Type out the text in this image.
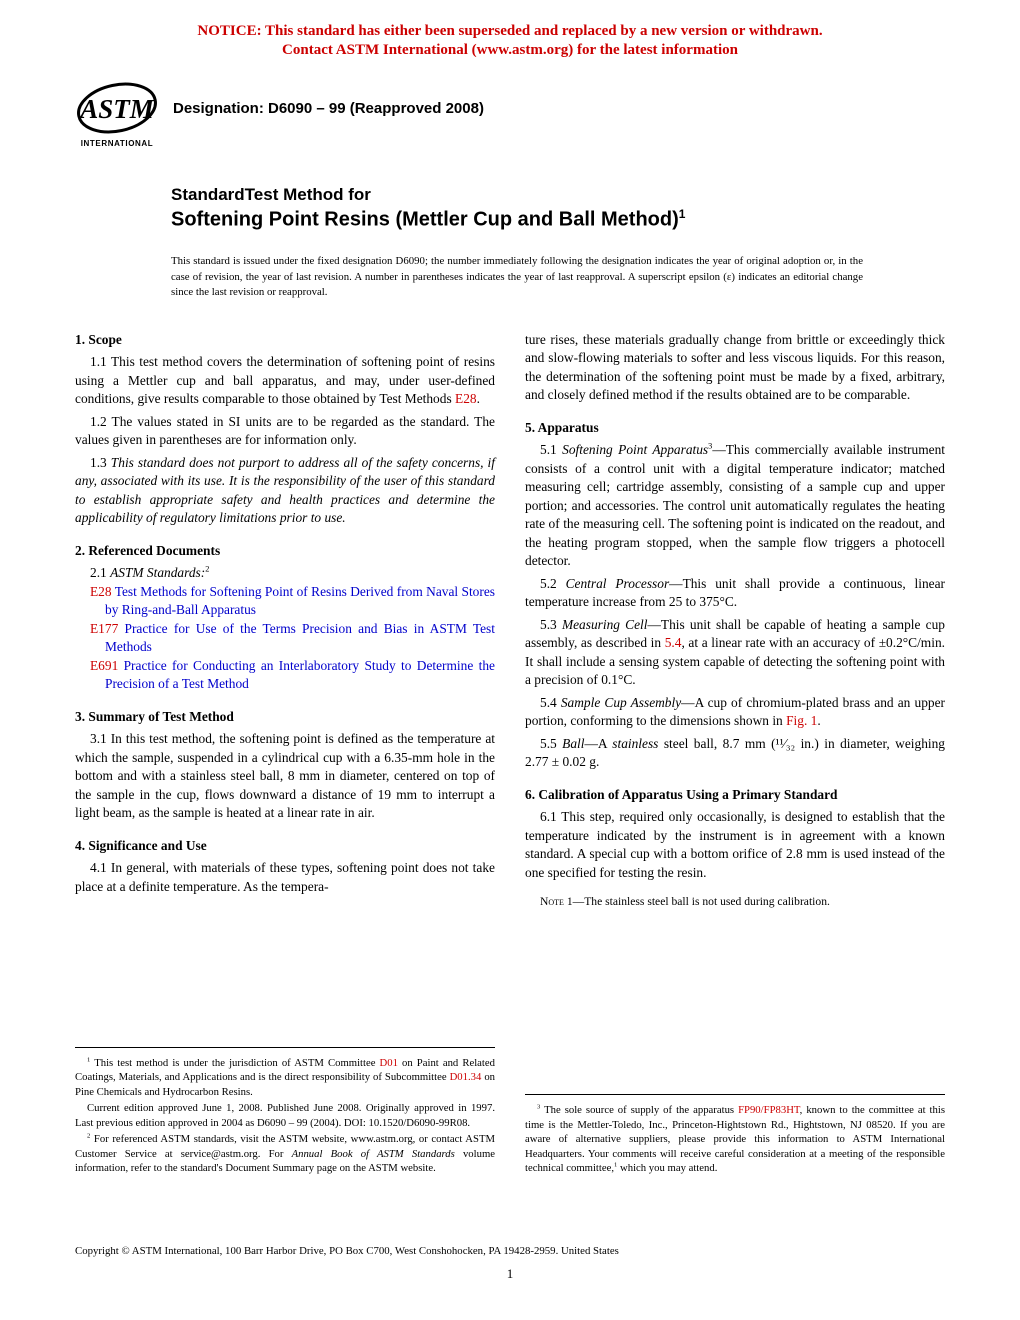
NOTICE: This standard has either been superseded and replaced by a new version or withdrawn.
Contact ASTM International (www.astm.org) for the latest information
ASTM
INTERNATIONAL
Designation: D6090 – 99 (Reapproved 2008)
StandardTest Method for
Softening Point Resins (Mettler Cup and Ball Method)$^1$

This standard is issued under the fixed designation D6090; the number immediately following the designation indicates the year of original adoption or, in the case of revision, the year of last revision. A number in parentheses indicates the year of last reapproval. A superscript epsilon (ε) indicates an editorial change since the last revision or reapproval.

1. Scope
1.1 This test method covers the determination of softening point of resins using a Mettler cup and ball apparatus, and may, under user-defined conditions, give results comparable to those obtained by Test Methods E28.
1.2 The values stated in SI units are to be regarded as the standard. The values given in parentheses are for information only.
1.3 This standard does not purport to address all of the safety concerns, if any, associated with its use. It is the responsibility of the user of this standard to establish appropriate safety and health practices and determine the applicability of regulatory limitations prior to use.
2. Referenced Documents
2.1 ASTM Standards:$^2$
E28 Test Methods for Softening Point of Resins Derived from Naval Stores by Ring-and-Ball Apparatus
E177 Practice for Use of the Terms Precision and Bias in ASTM Test Methods
E691 Practice for Conducting an Interlaboratory Study to Determine the Precision of a Test Method
3. Summary of Test Method
3.1 In this test method, the softening point is defined as the temperature at which the sample, suspended in a cylindrical cup with a 6.35-mm hole in the bottom and with a stainless steel ball, 8 mm in diameter, centered on top of the sample in the cup, flows downward a distance of 19 mm to interrupt a light beam, as the sample is heated at a linear rate in air.
4. Significance and Use
4.1 In general, with materials of these types, softening point does not take place at a definite temperature. As the tempera-
$^1$ This test method is under the jurisdiction of ASTM Committee D01 on Paint and Related Coatings, Materials, and Applications and is the direct responsibility of Subcommittee D01.34 on Pine Chemicals and Hydrocarbon Resins.
Current edition approved June 1, 2008. Published June 2008. Originally approved in 1997. Last previous edition approved in 2004 as D6090 – 99 (2004). DOI: 10.1520/D6090-99R08.
$^2$ For referenced ASTM standards, visit the ASTM website, www.astm.org, or contact ASTM Customer Service at service@astm.org. For Annual Book of ASTM Standards volume information, refer to the standard's Document Summary page on the ASTM website.
ture rises, these materials gradually change from brittle or exceedingly thick and slow-flowing materials to softer and less viscous liquids. For this reason, the determination of the softening point must be made by a fixed, arbitrary, and closely defined method if the results obtained are to be comparable.
5. Apparatus
5.1 Softening Point Apparatus$^3$—This commercially available instrument consists of a control unit with a digital temperature indicator; matched measuring cell; cartridge assembly, consisting of a sample cup and upper portion; and accessories. The control unit automatically regulates the heating rate of the measuring cell. The softening point is indicated on the readout, and the heating program stopped, when the sample flow triggers a photocell detector.
5.2 Central Processor—This unit shall provide a continuous, linear temperature increase from 25 to 375°C.
5.3 Measuring Cell—This unit shall be capable of heating a sample cup assembly, as described in 5.4, at a linear rate with an accuracy of ±0.2°C/min. It shall include a sensing system capable of detecting the softening point with a precision of 0.1°C.
5.4 Sample Cup Assembly—A cup of chromium-plated brass and an upper portion, conforming to the dimensions shown in Fig. 1.
5.5 Ball—A stainless steel ball, 8.7 mm (¹¹⁄₃₂ in.) in diameter, weighing 2.77 ± 0.02 g.
6. Calibration of Apparatus Using a Primary Standard
6.1 This step, required only occasionally, is designed to establish that the temperature indicated by the instrument is in agreement with a known standard. A special cup with a bottom orifice of 2.8 mm is used instead of the one specified for testing the resin.
Note 1—The stainless steel ball is not used during calibration.
$^3$ The sole source of supply of the apparatus FP90/FP83HT, known to the committee at this time is the Mettler-Toledo, Inc., Princeton-Hightstown Rd., Hightstown, NJ 08520. If you are aware of alternative suppliers, please provide this information to ASTM International Headquarters. Your comments will receive careful consideration at a meeting of the responsible technical committee,$^1$ which you may attend.
Copyright © ASTM International, 100 Barr Harbor Drive, PO Box C700, West Conshohocken, PA 19428-2959. United States
1
